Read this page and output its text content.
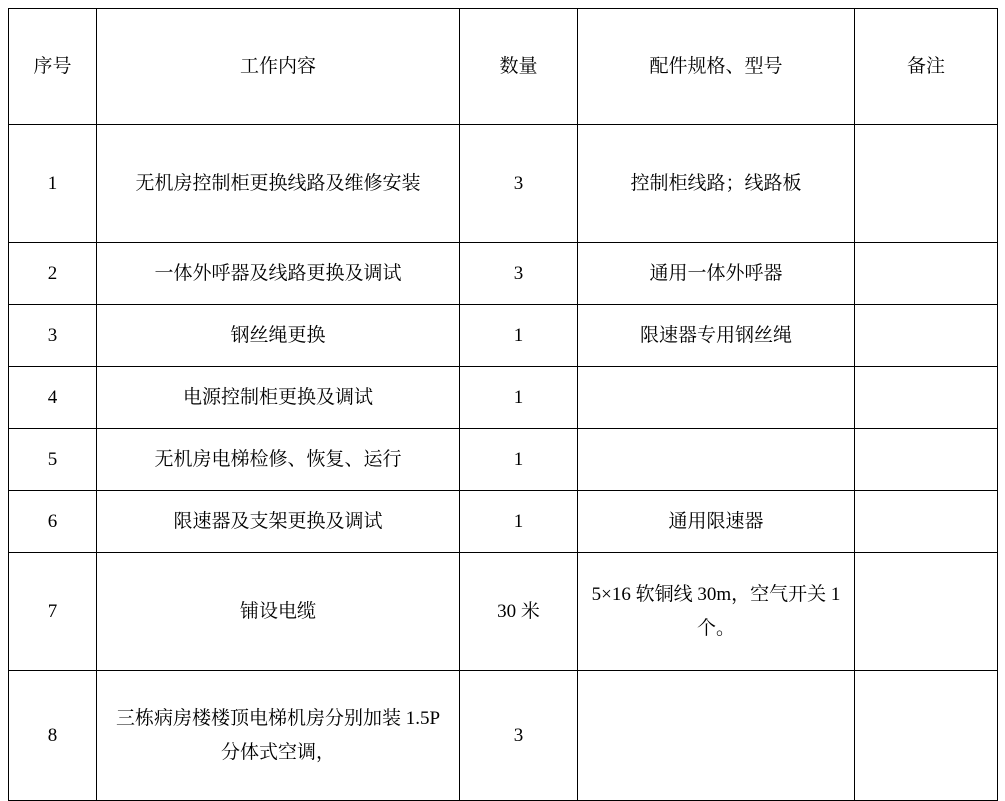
序号	工作内容	数量	配件规格、型号	备注
1	无机房控制柜更换线路及维修安装	3	控制柜线路；线路板	
2	一体外呼器及线路更换及调试	3	通用一体外呼器	
3	钢丝绳更换	1	限速器专用钢丝绳	
4	电源控制柜更换及调试	1		
5	无机房电梯检修、恢复、运行	1		
6	限速器及支架更换及调试	1	通用限速器	
7	铺设电缆	30 米	5×16 软铜线 30m，空气开关 1 个。	
8	三栋病房楼楼顶电梯机房分别加装 1.5P 分体式空调，	3		
